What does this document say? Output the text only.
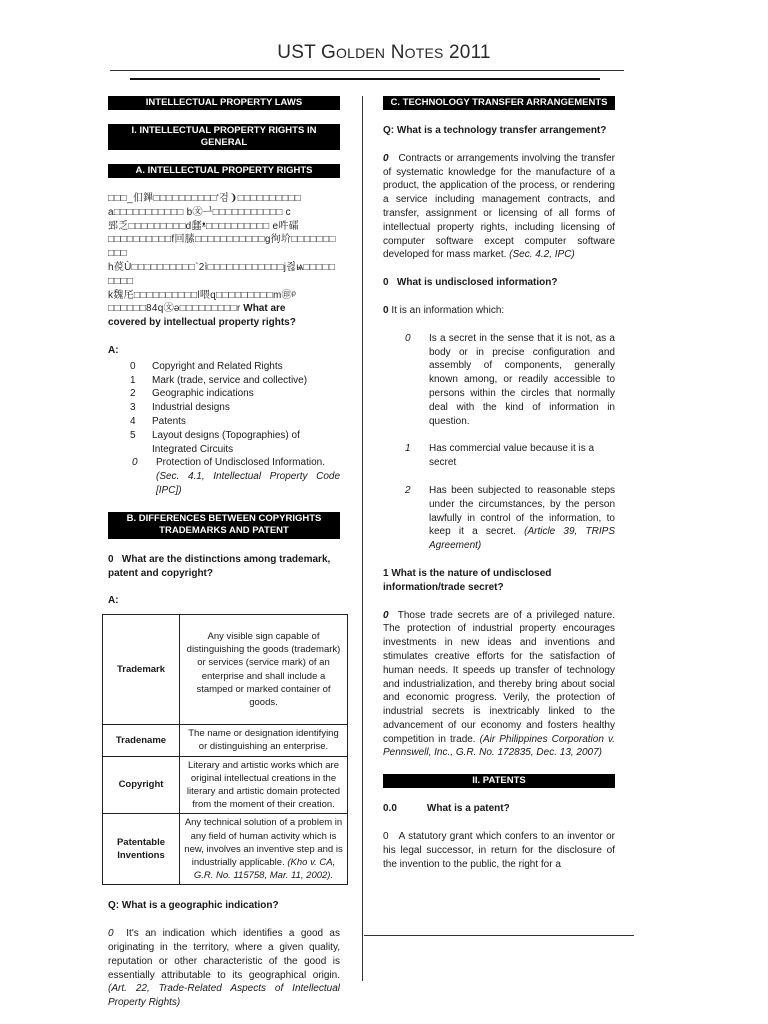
UST GOLDEN NOTES 2011
INTELLECTUAL PROPERTY LAWS
I. INTELLECTUAL PROPERTY RIGHTS IN GENERAL
A. INTELLECTUAL PROPERTY RIGHTS
□□□_㐰鏎□□□□□□□□□□'검❩□□□□□□□□□□
a□□□□□□□□□□□ b㉆ᆜ□□□□□□□□□□□ c
䣆乏□□□□□□□□□d瓥ᵜ□□□□□□□□□□ e吽礵
□□□□□□□□□□f回膆□□□□□□□□□□□g徇圿□□□□□□□□□□
h䓲Ù□□□□□□□□□□`2ì□□□□□□□□□□□□j쥖ѩ□□□□□□□□□
k魏厇□□□□□□□□□□l喂ɋ□□□□□□□□□m㊞ᵖ
□□□□□□84q㉆ə□□□□□□□□□r What are
covered by intellectual property rights?
A:
0	Copyright and Related Rights
1	Mark (trade, service and collective)
2	Geographic indications
3	Industrial designs
4	Patents
5	Layout designs (Topographies) of Integrated Circuits
0	Protection of Undisclosed Information.
(Sec. 4.1, Intellectual Property Code [IPC])
B. DIFFERENCES BETWEEN COPYRIGHTS TRADEMARKS AND PATENT
0 What are the distinctions among trademark, patent and copyright?
A:
Trademark	Any visible sign capable of distinguishing the goods (trademark) or services (service mark) of an enterprise and shall include a stamped or marked container of goods.
Tradename	The name or designation identifying or distinguishing an enterprise.
Copyright	Literary and artistic works which are original intellectual creations in the literary and artistic domain protected from the moment of their creation.
Patentable Inventions	Any technical solution of a problem in any field of human activity which is new, involves an inventive step and is industrially applicable. (Kho v. CA, G.R. No. 115758, Mar. 11, 2002).
Q: What is a geographic indication?
0 It's an indication which identifies a good as originating in the territory, where a given quality, reputation or other characteristic of the good is essentially attributable to its geographical origin. (Art. 22, Trade-Related Aspects of Intellectual Property Rights)
C. TECHNOLOGY TRANSFER ARRANGEMENTS
Q: What is a technology transfer arrangement?
0 Contracts or arrangements involving the transfer of systematic knowledge for the manufacture of a product, the application of the process, or rendering a service including management contracts, and transfer, assignment or licensing of all forms of intellectual property rights, including licensing of computer software except computer software developed for mass market. (Sec. 4.2, IPC)
0 What is undisclosed information?
0 It is an information which:
0	Is a secret in the sense that it is not, as a body or in precise configuration and assembly of components, generally known among, or readily accessible to persons within the circles that normally deal with the kind of information in question.
1	Has commercial value because it is a secret
2	Has been subjected to reasonable steps under the circumstances, by the person lawfully in control of the information, to keep it a secret. (Article 39, TRIPS Agreement)
1 What is the nature of undisclosed information/trade secret?
0 Those trade secrets are of a privileged nature. The protection of industrial property encourages investments in new ideas and inventions and stimulates creative efforts for the satisfaction of human needs. It speeds up transfer of technology and industrialization, and thereby bring about social and economic progress. Verily, the protection of industrial secrets is inextricably linked to the advancement of our economy and fosters healthy competition in trade. (Air Philippines Corporation v. Pennswell, Inc., G.R. No. 172835, Dec. 13, 2007)
II. PATENTS
0.0	What is a patent?
0 A statutory grant which confers to an inventor or his legal successor, in return for the disclosure of the invention to the public, the right for a
